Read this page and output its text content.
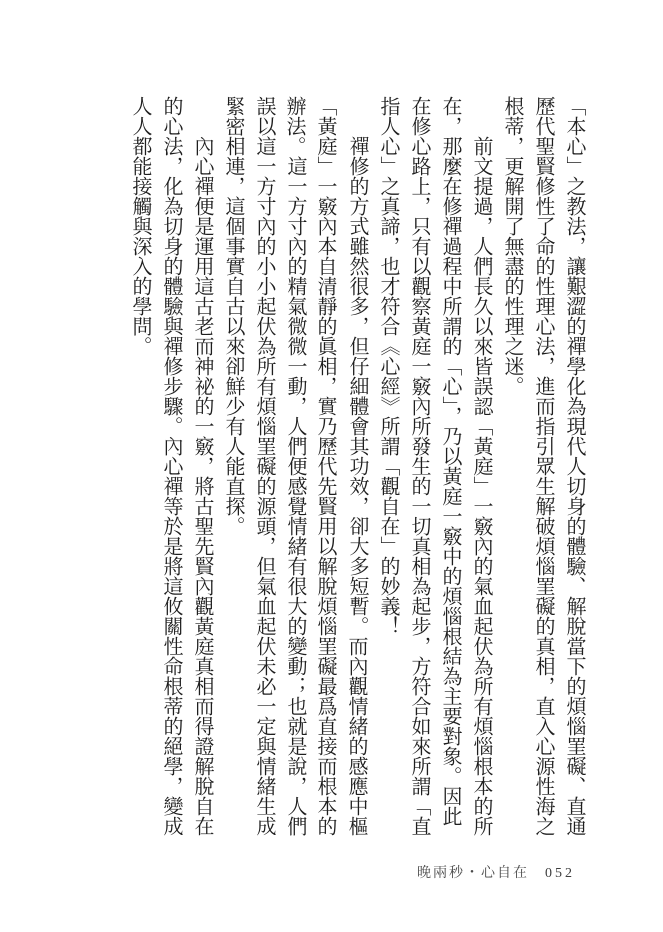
「本心」之教法，讓艱澀的禪學化為現代人切身的體驗、解脫當下的煩惱罣礙、直通歷代聖賢修性了命的性理心法，進而指引眾生解破煩惱罣礙的真相，直入心源性海之根蒂，更解開了無盡的性理之迷。

前文提過，人們長久以來皆誤認「黃庭」一竅內的氣血起伏為所有煩惱根本的所在，那麼在修禪過程中所謂的「心」，乃以黃庭一竅中的煩惱根結為主要對象。因此在修心路上，只有以觀察黃庭一竅內所發生的一切真相為起步，方符合如來所謂「直指人心」之真諦，也才符合《心經》所謂「觀自在」的妙義！

禪修的方式雖然很多，但仔細體會其功效，卻大多短暫。而內觀情緒的感應中樞「黃庭」一竅內本自清靜的眞相，實乃歷代先賢用以解脫煩惱罣礙最爲直接而根本的辦法。這一方寸內的精氣微微一動，人們便感覺情緒有很大的變動；也就是說，人們誤以這一方寸內的小小起伏為所有煩惱罣礙的源頭，但氣血起伏未必一定與情緒生成緊密相連，這個事實自古以來卻鮮少有人能直探。

內心禪便是運用這古老而神祕的一竅，將古聖先賢內觀黃庭真相而得證解脫自在的心法，化為切身的體驗與禪修步驟。內心禪等於是將這攸關性命根蒂的絕學，變成人人都能接觸與深入的學問。

晚兩秒・心自在 052
